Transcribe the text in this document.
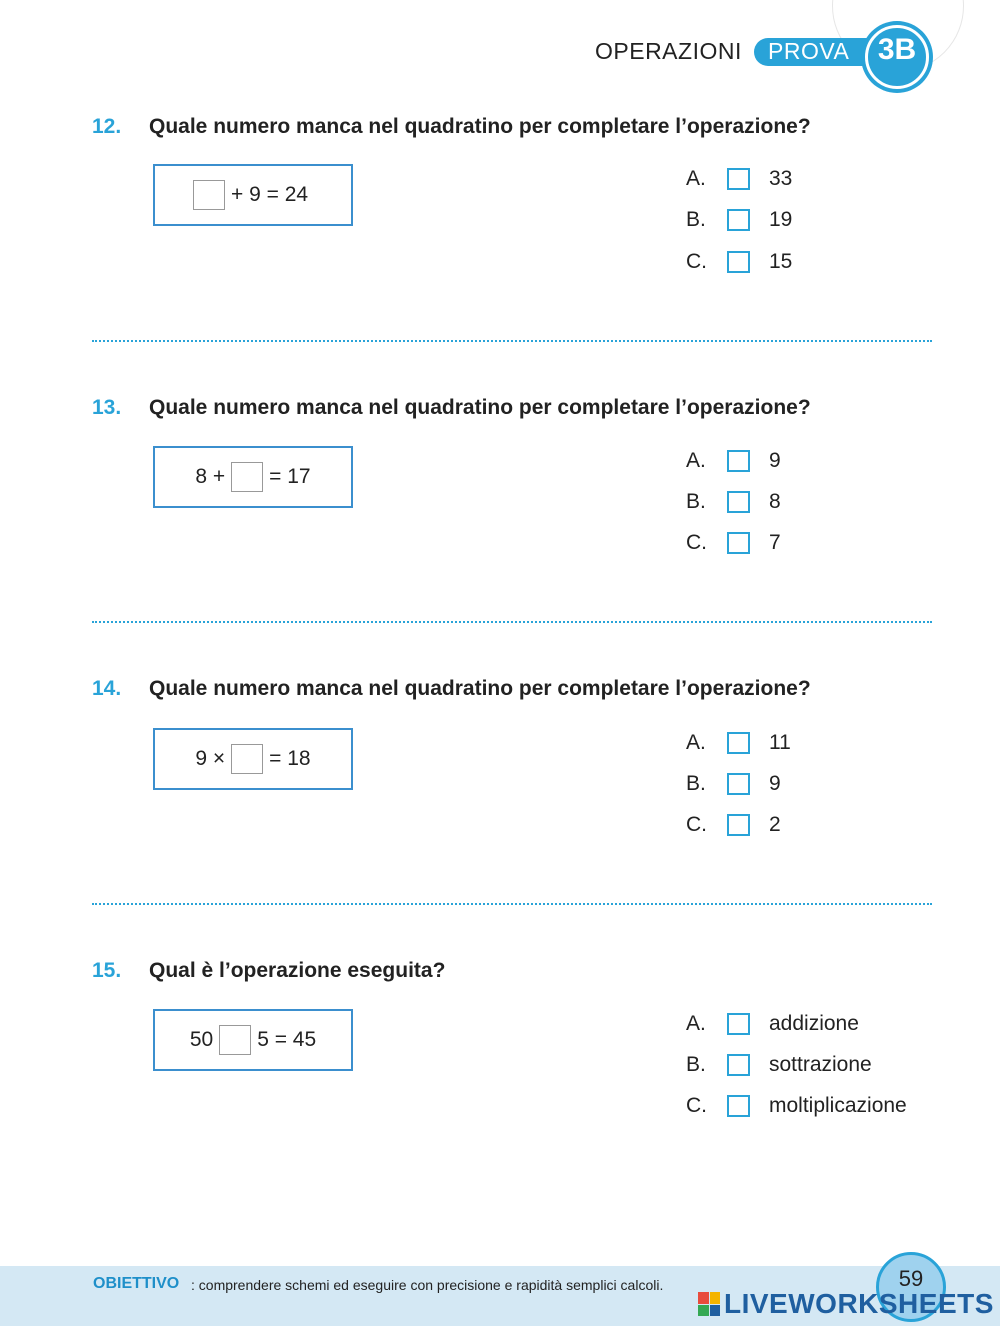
OPERAZIONI PROVA 3B
12. Quale numero manca nel quadratino per completare l’operazione?
+ 9 = 24
A.	33
B.	19
C.	15
13. Quale numero manca nel quadratino per completare l’operazione?
8 + = 17
A.	9
B.	8
C.	7
14. Quale numero manca nel quadratino per completare l’operazione?
9 × = 18
A.	11
B.	9
C.	2
15. Qual è l’operazione eseguita?
50 5 = 45
A.	addizione
B.	sottrazione
C.	moltiplicazione
OBIETTIVO : comprendere schemi ed eseguire con precisione e rapidità semplici calcoli.	59
LIVEWORKSHEETS
